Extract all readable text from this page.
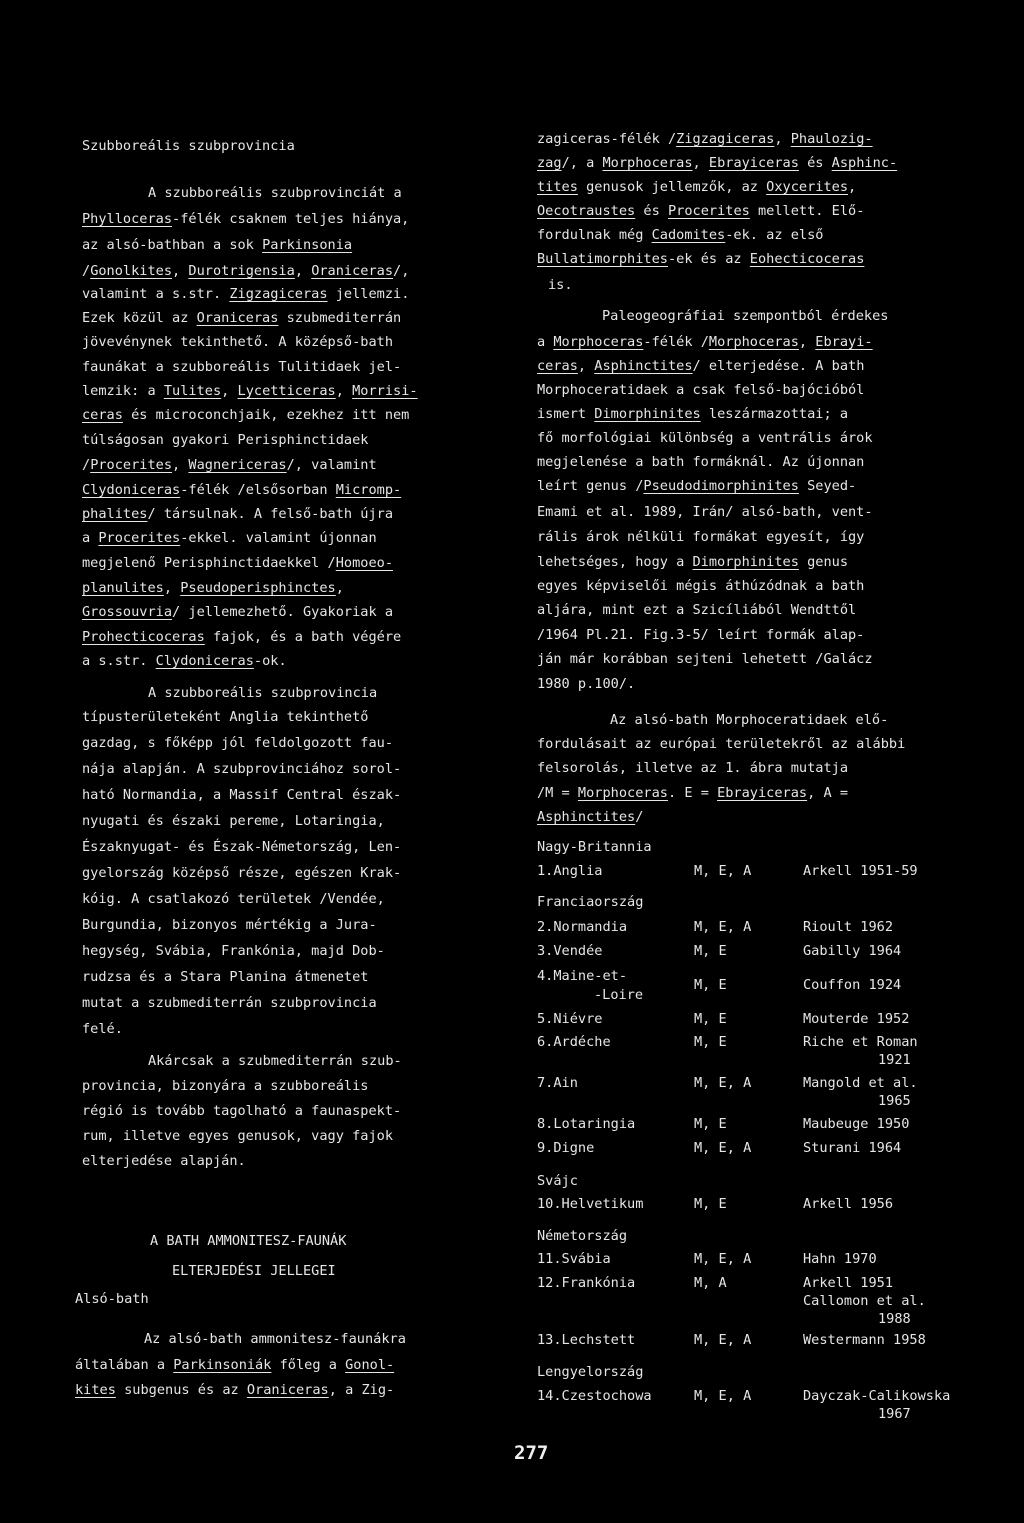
Szubboreális szubprovincia
A szubboreális szubprovinciát a
Phylloceras-félék csaknem teljes hiánya,
az alsó-bathban a sok Parkinsonia
/Gonolkites, Durotrigensia, Oraniceras/,
valamint a s.str. Zigzagiceras jellemzi.
Ezek közül az Oraniceras szubmediterrán
jövevénynek tekinthető. A középső-bath
faunákat a szubboreális Tulitidaek jel-
lemzik: a Tulites, Lycetticeras, Morrisi-
ceras és microconchjaik, ezekhez itt nem
túlságosan gyakori Perisphinctidaek
/Procerites, Wagnericeras/, valamint
Clydoniceras-félék /elsősorban Micromp-
phalites/ társulnak. A felső-bath újra
a Procerites-ekkel. valamint újonnan
megjelenő Perisphinctidaekkel /Homoeo-
planulites, Pseudoperisphinctes,
Grossouvria/ jellemezhető. Gyakoriak a
Prohecticoceras fajok, és a bath végére
a s.str. Clydoniceras-ok.
A szubboreális szubprovincia
típusterületeként Anglia tekinthető
gazdag, s főképp jól feldolgozott fau-
nája alapján. A szubprovinciához sorol-
ható Normandia, a Massif Central észak-
nyugati és északi pereme, Lotaringia,
Északnyugat- és Észak-Németország, Len-
gyelország középső része, egészen Krak-
kóig. A csatlakozó területek /Vendée,
Burgundia, bizonyos mértékig a Jura-
hegység, Svábia, Frankónia, majd Dob-
rudzsa és a Stara Planina átmenetet
mutat a szubmediterrán szubprovincia
felé.
Akárcsak a szubmediterrán szub-
provincia, bizonyára a szubboreális
régió is tovább tagolható a faunaspekt-
rum, illetve egyes genusok, vagy fajok
elterjedése alapján.
A BATH AMMONITESZ-FAUNÁK
ELTERJEDÉSI JELLEGEI
Alsó-bath
Az alsó-bath ammonitesz-faunákra
általában a Parkinsoniák főleg a Gonol-
kites subgenus és az Oraniceras, a Zig-
zagiceras-félék /Zigzagiceras, Phaulozig-
zag/, a Morphoceras, Ebrayiceras és Asphinc-
tites genusok jellemzők, az Oxycerites,
Oecotraustes és Procerites mellett. Elő-
fordulnak még Cadomites-ek. az első
Bullatimorphites-ek és az Eohecticoceras
is.
Paleogeográfiai szempontból érdekes
a Morphoceras-félék /Morphoceras, Ebrayi-
ceras, Asphinctites/ elterjedése. A bath
Morphoceratidaek a csak felső-bajócióból
ismert Dimorphinites leszármazottai; a
fő morfológiai különbség a ventrális árok
megjelenése a bath formáknál. Az újonnan
leírt genus /Pseudodimorphinites Seyed-
Emami et al. 1989, Irán/ alsó-bath, vent-
rális árok nélküli formákat egyesít, így
lehetséges, hogy a Dimorphinites genus
egyes képviselői mégis áthúzódnak a bath
aljára, mint ezt a Szicíliából Wendttől
/1964 Pl.21. Fig.3-5/ leírt formák alap-
ján már korábban sejteni lehetett /Galácz
1980 p.100/.
Az alsó-bath Morphoceratidaek elő-
fordulásait az európai területekről az alábbi
felsorolás, illetve az 1. ábra mutatja
/M = Morphoceras. E = Ebrayiceras, A =
Asphinctites/
Nagy-Britannia
1.Anglia	M, E, A	Arkell 1951-59
Franciaország
2.Normandia	M, E, A	Rioult 1962
3.Vendée	M, E	Gabilly 1964
4.Maine-et-
-Loire
M, E	Couffon 1924
5.Niévre	M, E	Mouterde 1952
6.Ardéche	M, E	Riche et Roman
1921
7.Ain	M, E, A	Mangold et al.
1965
8.Lotaringia	M, E	Maubeuge 1950
9.Digne	M, E, A	Sturani 1964
Svájc
10.Helvetikum	M, E	Arkell 1956
Németország
11.Svábia	M, E, A	Hahn 1970
12.Frankónia	M, A	Arkell 1951
Callomon et al.
1988
13.Lechstett	M, E, A	Westermann 1958
Lengyelország
14.Czestochowa	M, E, A	Dayczak-Calikowska
1967
277
